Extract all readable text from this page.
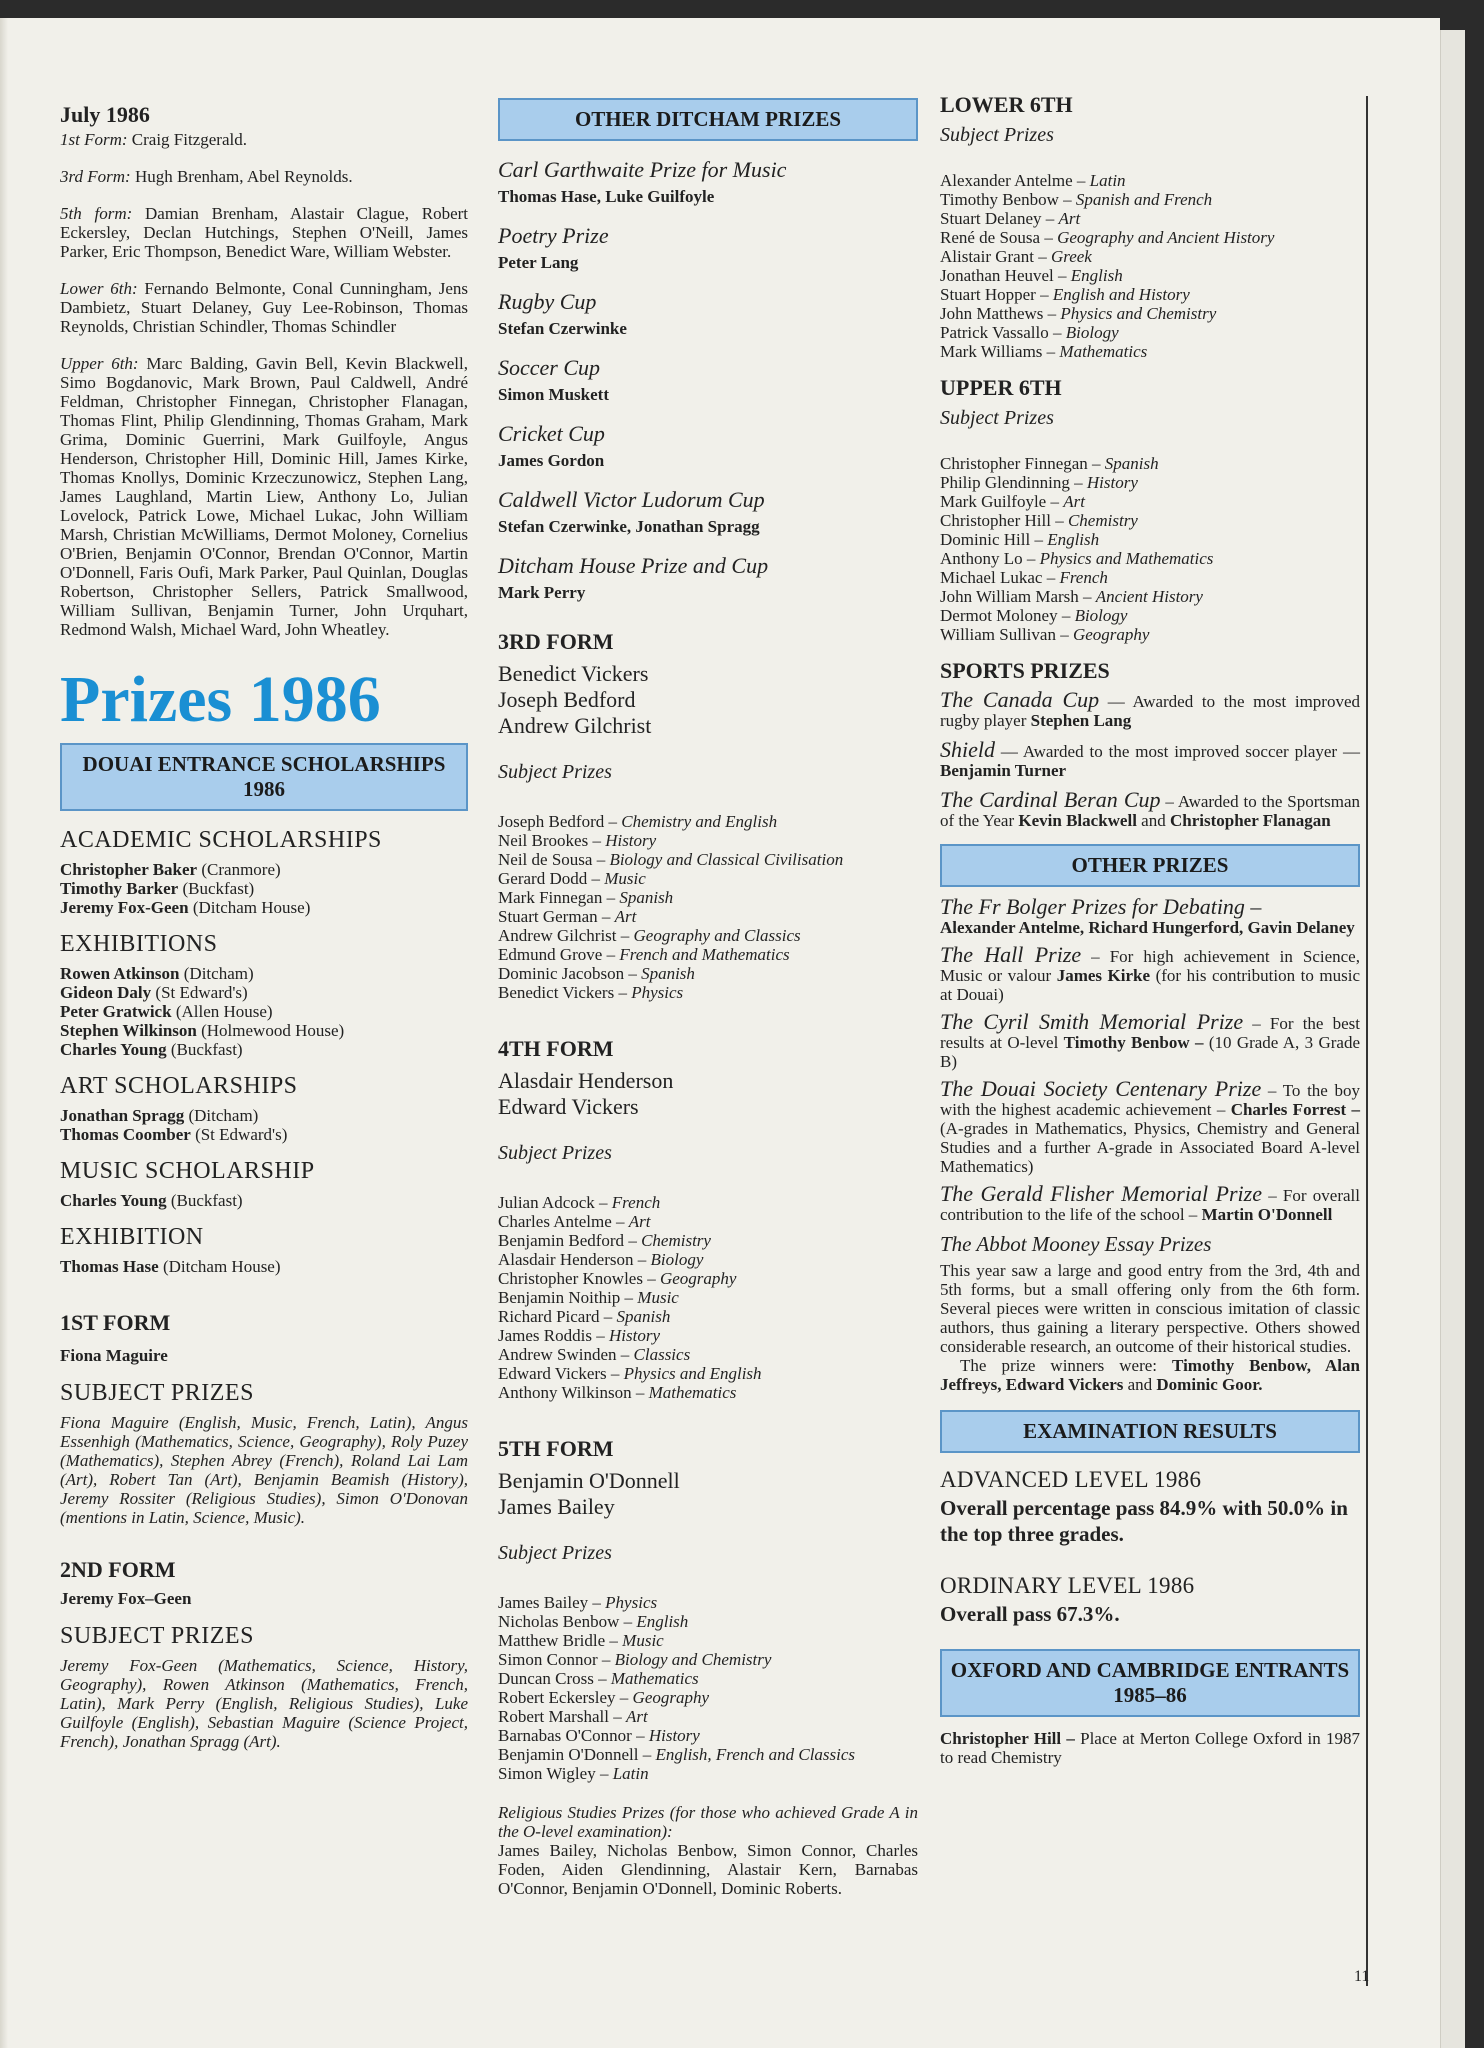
July 1986
1st Form: Craig Fitzgerald.
3rd Form: Hugh Brenham, Abel Reynolds.
5th form: Damian Brenham, Alastair Clague, Robert Eckersley, Declan Hutchings, Stephen O'Neill, James Parker, Eric Thompson, Benedict Ware, William Webster.
Lower 6th: Fernando Belmonte, Conal Cunningham, Jens Dambietz, Stuart Delaney, Guy Lee-Robinson, Thomas Reynolds, Christian Schindler, Thomas Schindler
Upper 6th: Marc Balding, Gavin Bell, Kevin Blackwell, Simo Bogdanovic, Mark Brown, Paul Caldwell, André Feldman, Christopher Finnegan, Christopher Flanagan, Thomas Flint, Philip Glendinning, Thomas Graham, Mark Grima, Dominic Guerrini, Mark Guilfoyle, Angus Henderson, Christopher Hill, Dominic Hill, James Kirke, Thomas Knollys, Dominic Krzeczunowicz, Stephen Lang, James Laughland, Martin Liew, Anthony Lo, Julian Lovelock, Patrick Lowe, Michael Lukac, John William Marsh, Christian McWilliams, Dermot Moloney, Cornelius O'Brien, Benjamin O'Connor, Brendan O'Connor, Martin O'Donnell, Faris Oufi, Mark Parker, Paul Quinlan, Douglas Robertson, Christopher Sellers, Patrick Smallwood, William Sullivan, Benjamin Turner, John Urquhart, Redmond Walsh, Michael Ward, John Wheatley.
Prizes 1986
DOUAI ENTRANCE SCHOLARSHIPS 1986
ACADEMIC SCHOLARSHIPS
Christopher Baker (Cranmore)
Timothy Barker (Buckfast)
Jeremy Fox-Geen (Ditcham House)
EXHIBITIONS
Rowen Atkinson (Ditcham)
Gideon Daly (St Edward's)
Peter Gratwick (Allen House)
Stephen Wilkinson (Holmewood House)
Charles Young (Buckfast)
ART SCHOLARSHIPS
Jonathan Spragg (Ditcham)
Thomas Coomber (St Edward's)
MUSIC SCHOLARSHIP
Charles Young (Buckfast)
EXHIBITION
Thomas Hase (Ditcham House)
1ST FORM
Fiona Maguire
SUBJECT PRIZES
Fiona Maguire (English, Music, French, Latin), Angus Essenhigh (Mathematics, Science, Geography), Roly Puzey (Mathematics), Stephen Abrey (French), Roland Lai Lam (Art), Robert Tan (Art), Benjamin Beamish (History), Jeremy Rossiter (Religious Studies), Simon O'Donovan (mentions in Latin, Science, Music).
2ND FORM
Jeremy Fox–Geen
SUBJECT PRIZES
Jeremy Fox-Geen (Mathematics, Science, History, Geography), Rowen Atkinson (Mathematics, French, Latin), Mark Perry (English, Religious Studies), Luke Guilfoyle (English), Sebastian Maguire (Science Project, French), Jonathan Spragg (Art).
OTHER DITCHAM PRIZES
Carl Garthwaite Prize for Music
Thomas Hase, Luke Guilfoyle
Poetry Prize
Peter Lang
Rugby Cup
Stefan Czerwinke
Soccer Cup
Simon Muskett
Cricket Cup
James Gordon
Caldwell Victor Ludorum Cup
Stefan Czerwinke, Jonathan Spragg
Ditcham House Prize and Cup
Mark Perry
3RD FORM
Benedict Vickers
Joseph Bedford
Andrew Gilchrist
Subject Prizes
Joseph Bedford – Chemistry and English
Neil Brookes – History
Neil de Sousa – Biology and Classical Civilisation
Gerard Dodd – Music
Mark Finnegan – Spanish
Stuart German – Art
Andrew Gilchrist – Geography and Classics
Edmund Grove – French and Mathematics
Dominic Jacobson – Spanish
Benedict Vickers – Physics
4TH FORM
Alasdair Henderson
Edward Vickers
Subject Prizes
Julian Adcock – French
Charles Antelme – Art
Benjamin Bedford – Chemistry
Alasdair Henderson – Biology
Christopher Knowles – Geography
Benjamin Noithip – Music
Richard Picard – Spanish
James Roddis – History
Andrew Swinden – Classics
Edward Vickers – Physics and English
Anthony Wilkinson – Mathematics
5TH FORM
Benjamin O'Donnell
James Bailey
Subject Prizes
James Bailey – Physics
Nicholas Benbow – English
Matthew Bridle – Music
Simon Connor – Biology and Chemistry
Duncan Cross – Mathematics
Robert Eckersley – Geography
Robert Marshall – Art
Barnabas O'Connor – History
Benjamin O'Donnell – English, French and Classics
Simon Wigley – Latin
Religious Studies Prizes (for those who achieved Grade A in the O-level examination):
James Bailey, Nicholas Benbow, Simon Connor, Charles Foden, Aiden Glendinning, Alastair Kern, Barnabas O'Connor, Benjamin O'Donnell, Dominic Roberts.
LOWER 6TH
Subject Prizes
Alexander Antelme – Latin
Timothy Benbow – Spanish and French
Stuart Delaney – Art
René de Sousa – Geography and Ancient History
Alistair Grant – Greek
Jonathan Heuvel – English
Stuart Hopper – English and History
John Matthews – Physics and Chemistry
Patrick Vassallo – Biology
Mark Williams – Mathematics
UPPER 6TH
Subject Prizes
Christopher Finnegan – Spanish
Philip Glendinning – History
Mark Guilfoyle – Art
Christopher Hill – Chemistry
Dominic Hill – English
Anthony Lo – Physics and Mathematics
Michael Lukac – French
John William Marsh – Ancient History
Dermot Moloney – Biology
William Sullivan – Geography
SPORTS PRIZES
The Canada Cup — Awarded to the most improved rugby player Stephen Lang
Shield — Awarded to the most improved soccer player — Benjamin Turner
The Cardinal Beran Cup – Awarded to the Sportsman of the Year Kevin Blackwell and Christopher Flanagan
OTHER PRIZES
The Fr Bolger Prizes for Debating –
Alexander Antelme, Richard Hungerford, Gavin Delaney
The Hall Prize – For high achievement in Science, Music or valour James Kirke (for his contribution to music at Douai)
The Cyril Smith Memorial Prize – For the best results at O-level Timothy Benbow – (10 Grade A, 3 Grade B)
The Douai Society Centenary Prize – To the boy with the highest academic achievement – Charles Forrest – (A-grades in Mathematics, Physics, Chemistry and General Studies and a further A-grade in Associated Board A-level Mathematics)
The Gerald Flisher Memorial Prize – For overall contribution to the life of the school – Martin O'Donnell
The Abbot Mooney Essay Prizes
This year saw a large and good entry from the 3rd, 4th and 5th forms, but a small offering only from the 6th form. Several pieces were written in conscious imitation of classic authors, thus gaining a literary perspective. Others showed considerable research, an outcome of their historical studies.
The prize winners were: Timothy Benbow, Alan Jeffreys, Edward Vickers and Dominic Goor.
EXAMINATION RESULTS
ADVANCED LEVEL 1986
Overall percentage pass 84.9% with 50.0% in the top three grades.
ORDINARY LEVEL 1986
Overall pass 67.3%.
OXFORD AND CAMBRIDGE ENTRANTS 1985–86
Christopher Hill – Place at Merton College Oxford in 1987 to read Chemistry
11
